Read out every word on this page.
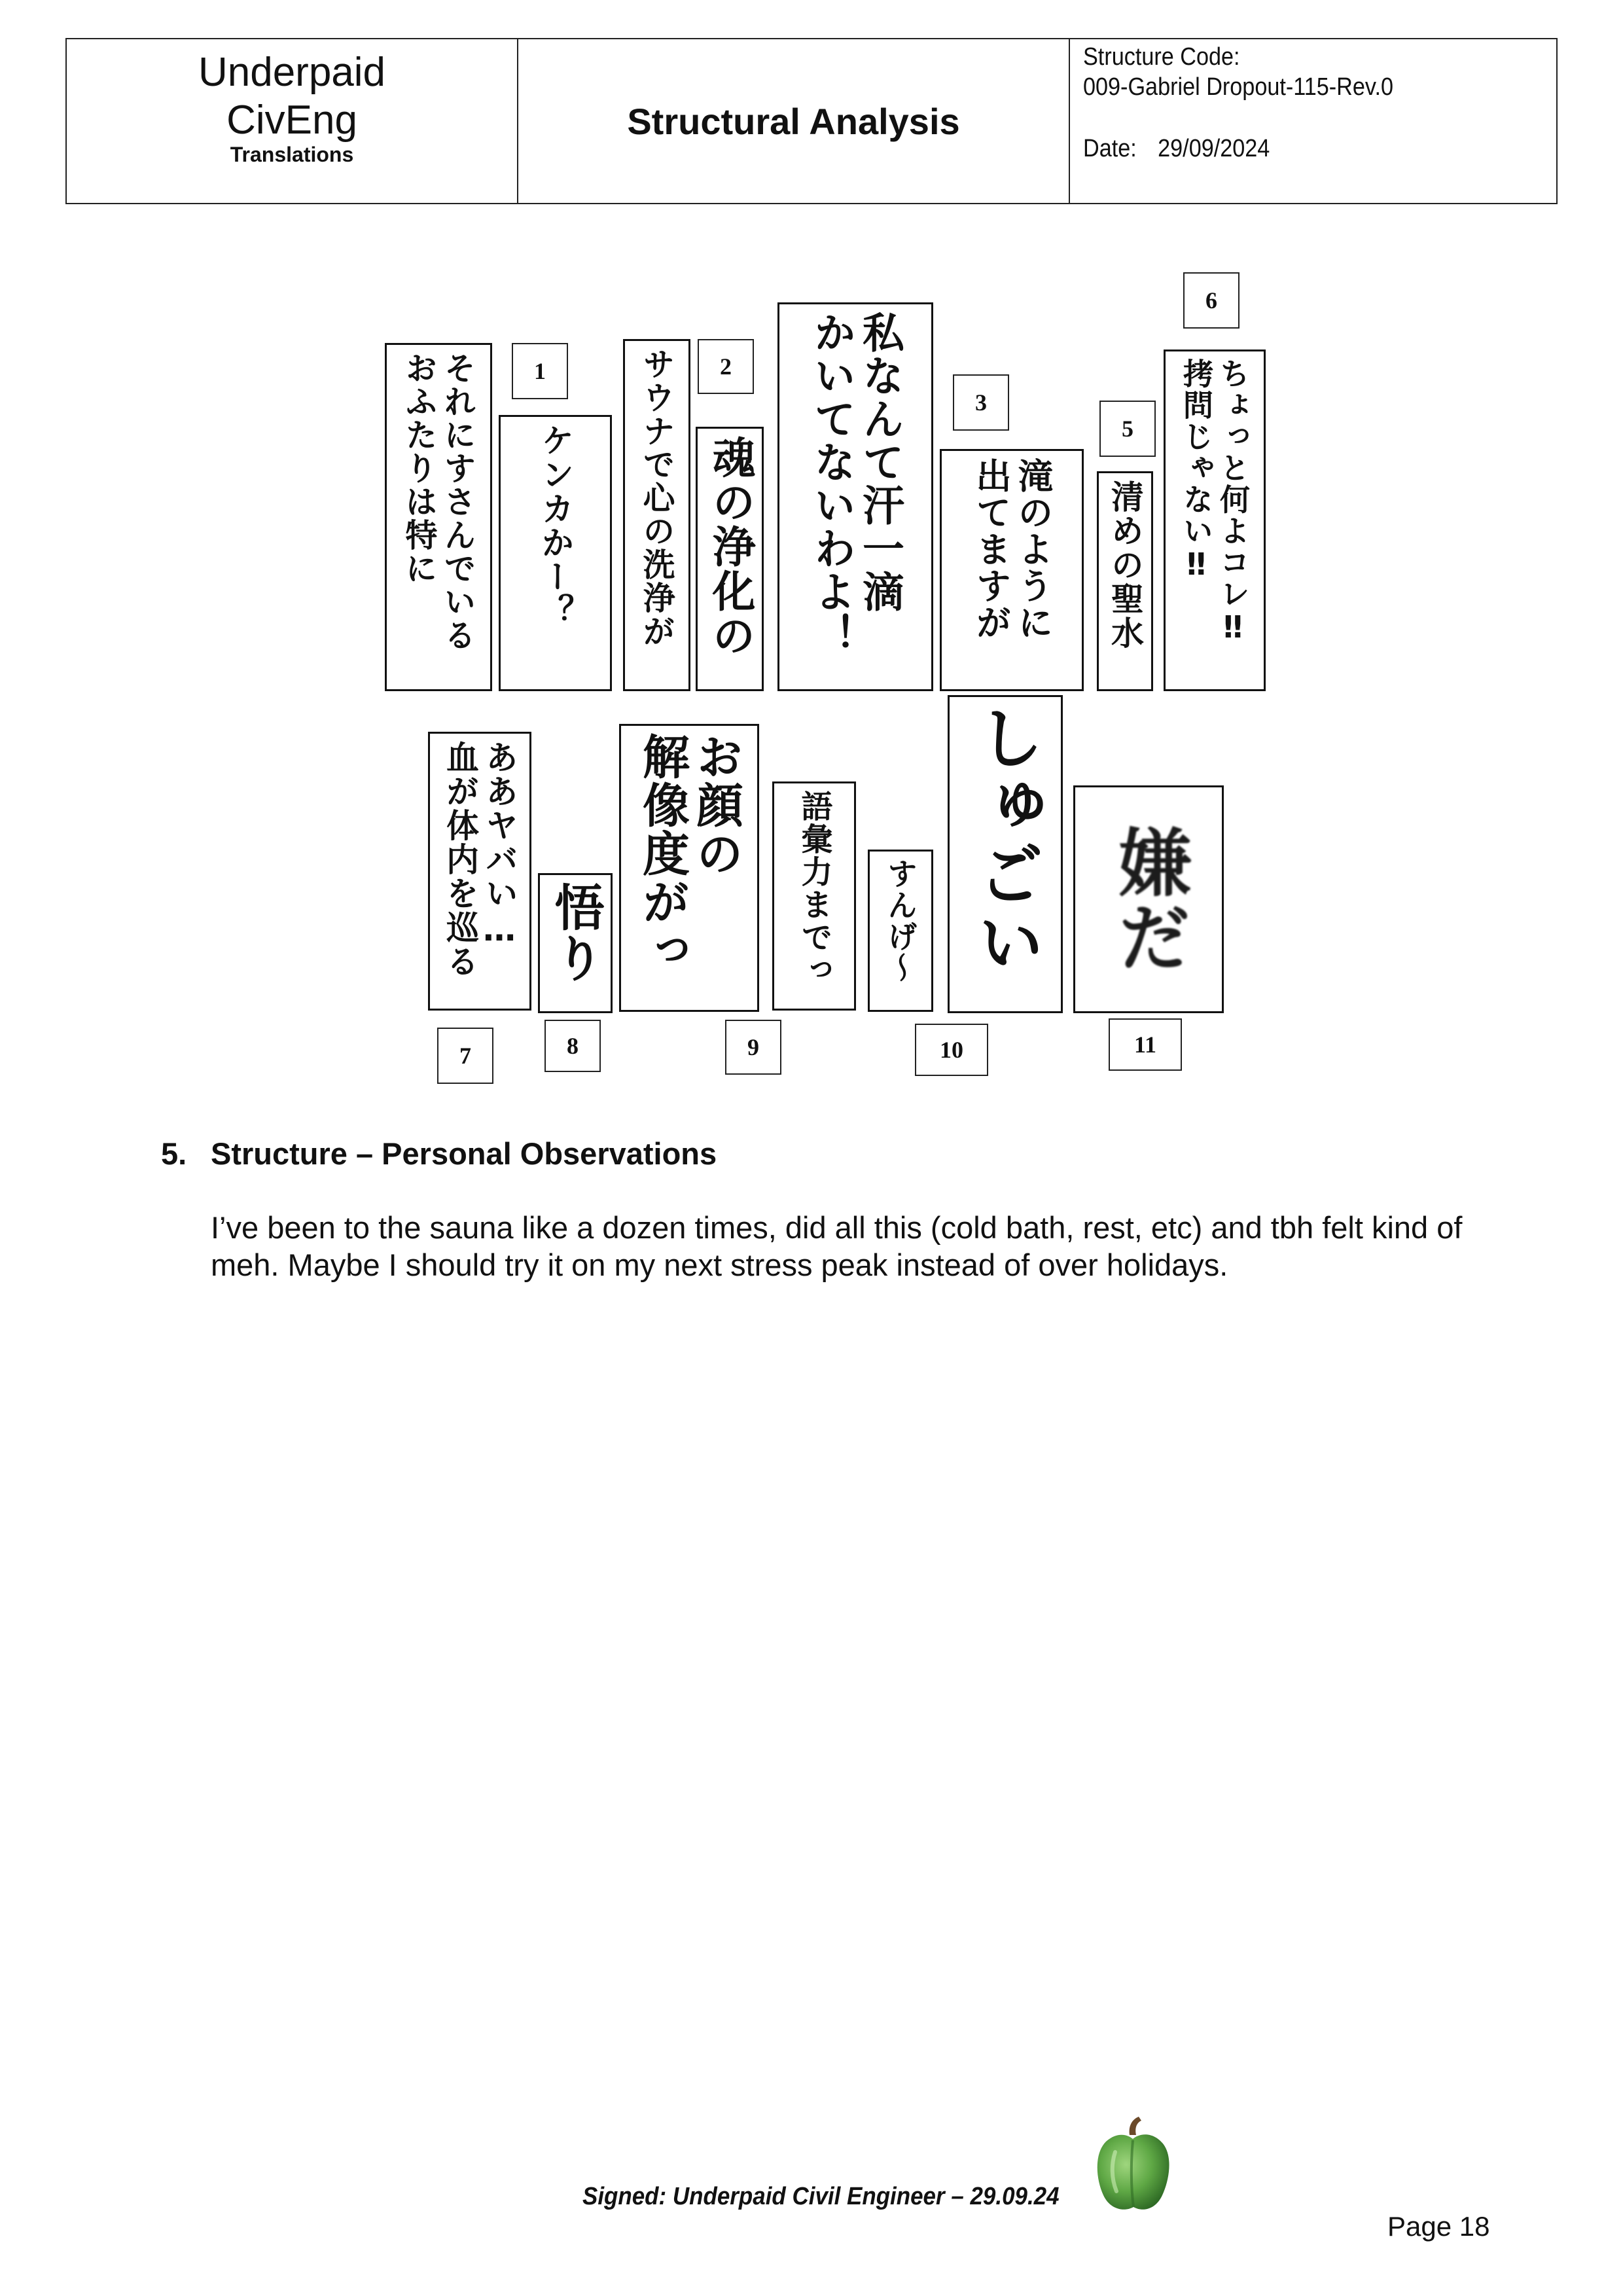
Underpaid
CivEng
Translations
Structural Analysis
Structure Code:
009-Gabriel Dropout-115-Rev.0
Date: 29/09/2024
それにすさんでいる
おふたりは特に	ケンカかー？ サウナで心の洗浄が 魂の浄化の 私なんて汗一滴
かいてないわよ！	滝のように
出てますが	清めの聖水 ちょっと何よコレ‼
拷問じゃない‼
ああヤバい…
血が体内を巡る 悟り
お顔の
解像度がっ	語彙力までっ すんげ〜 しゅごい 嫌だ
1	2
3
5
6
7	8	9	10	11
5. Structure – Personal Observations

I’ve been to the sauna like a dozen times, did all this (cold bath, rest, etc) and tbh felt kind of meh. Maybe I should try it on my next stress peak instead of over holidays.

Signed: Underpaid Civil Engineer – 29.09.24
Page 18
